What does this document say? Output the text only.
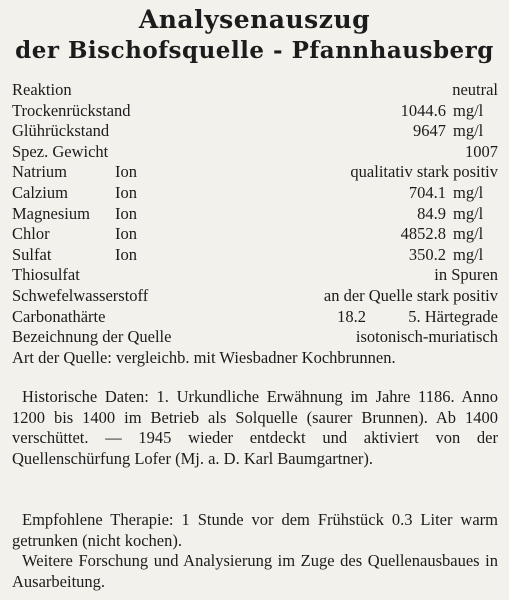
Analysenauszug
der Bischofsquelle - Pfannhausberg
Reaktion	neutral
Trockenrückstand	1044.6 mg/l
Glührückstand	9647 mg/l
Spez. Gewicht	1007
Natrium	Ion	qualitativ stark positiv
Calzium	Ion	704.1 mg/l
Magnesium Ion	84.9 mg/l
Chlor	Ion	4852.8 mg/l
Sulfat	Ion	350.2 mg/l
Thiosulfat	in Spuren
Schwefelwasserstoff	an der Quelle stark positiv
Carbonathärte	18.2	5. Härtegrade
Bezeichnung der Quelle	isotonisch-muriatisch
Art der Quelle: vergleichb. mit Wiesbadner Kochbrunnen.

Historische Daten: 1. Urkundliche Erwähnung im Jahre 1186. Anno 1200 bis 1400 im Betrieb als Solquelle (saurer Brunnen). Ab 1400 verschüttet. — 1945 wieder entdeckt und aktiviert von der Quellenschürfung Lofer (Mj. a. D. Karl Baumgartner).

Empfohlene Therapie: 1 Stunde vor dem Frühstück 0.3 Liter warm getrunken (nicht kochen).

Weitere Forschung und Analysierung im Zuge des Quellenausbaues in Ausarbeitung.
